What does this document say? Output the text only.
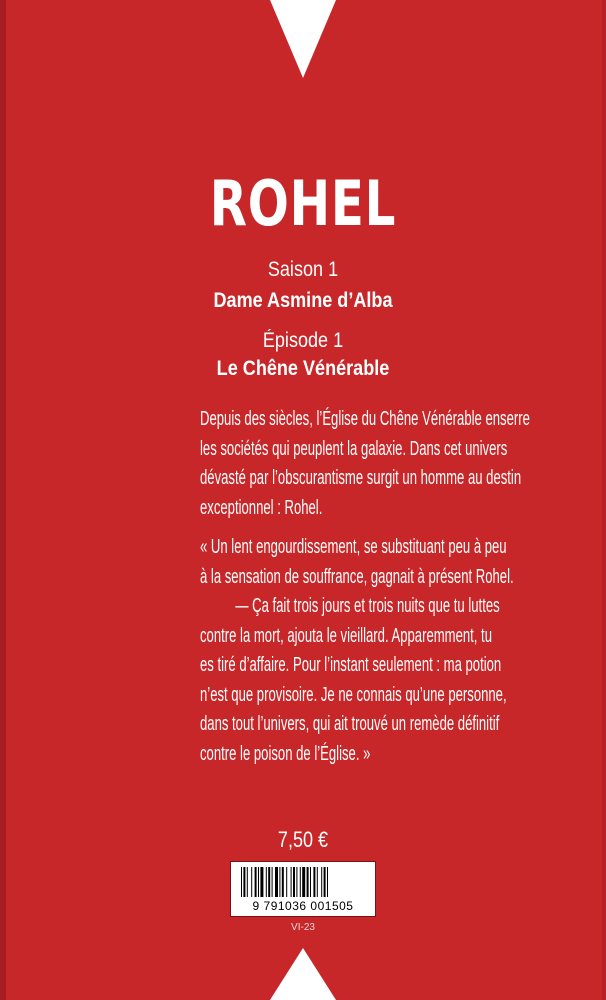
ROHEL
Saison 1
Dame Asmine d’Alba
Épisode 1
Le Chêne Vénérable
Depuis des siècles, l’Église du Chêne Vénérable enserre
les sociétés qui peuplent la galaxie. Dans cet univers
dévasté par l’obscurantisme surgit un homme au destin
exceptionnel : Rohel.
« Un lent engourdissement, se substituant peu à peu
à la sensation de souffrance, gagnait à présent Rohel.
— Ça fait trois jours et trois nuits que tu luttes
contre la mort, ajouta le vieillard. Apparemment, tu
es tiré d’affaire. Pour l’instant seulement : ma potion
n’est que provisoire. Je ne connais qu’une personne,
dans tout l’univers, qui ait trouvé un remède définitif
contre le poison de l’Église. »
7,50 €
9 791036 001505
VI-23
